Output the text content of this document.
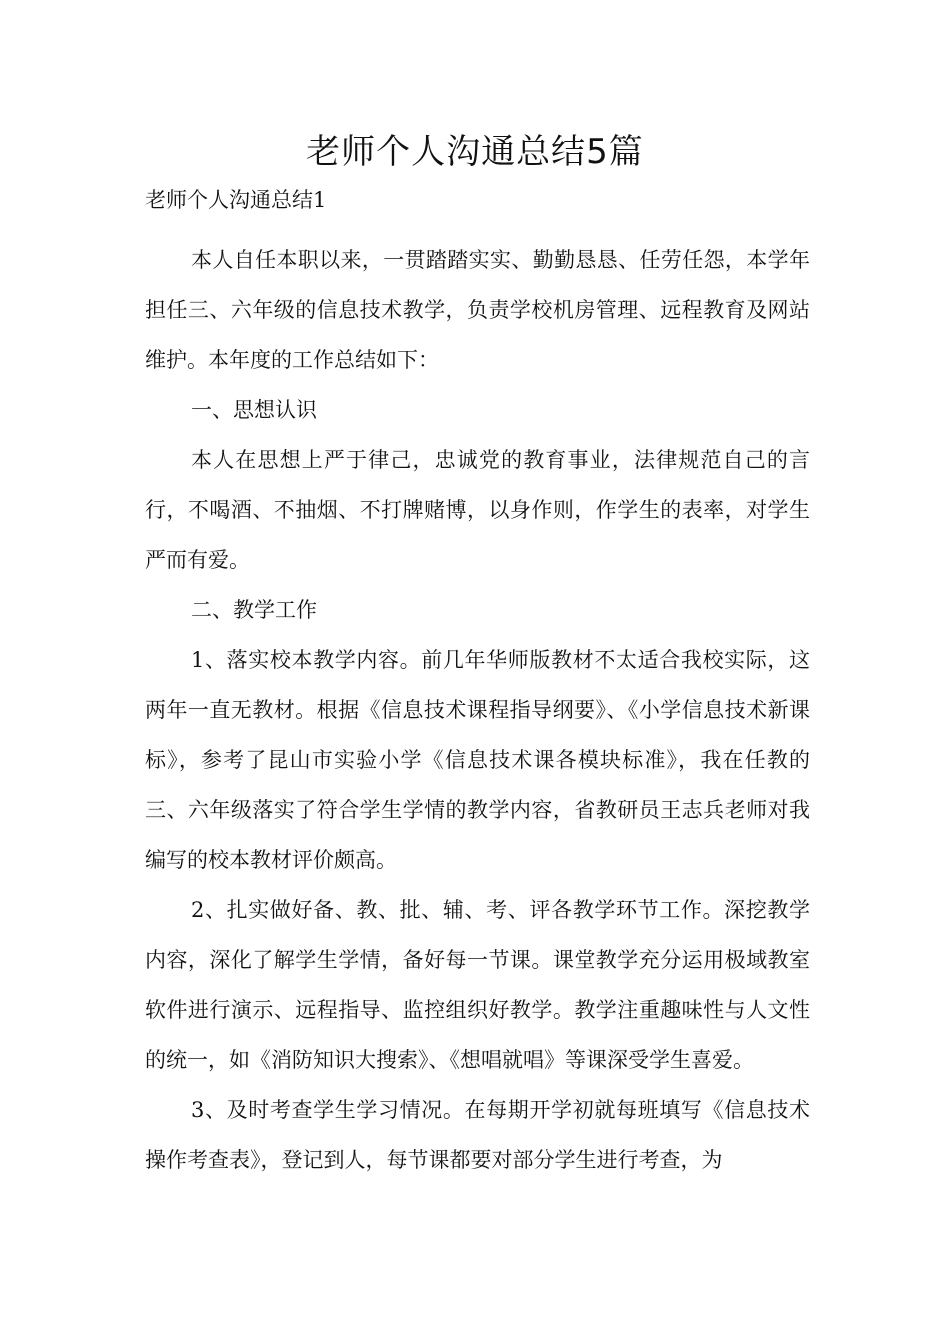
老师个人沟通总结5篇
老师个人沟通总结1

本人自任本职以来，一贯踏踏实实、勤勤恳恳、任劳任怨，本学年担任三、六年级的信息技术教学，负责学校机房管理、远程教育及网站维护。本年度的工作总结如下：

一、思想认识

本人在思想上严于律己，忠诚党的教育事业，法律规范自己的言行，不喝酒、不抽烟、不打牌赌博，以身作则，作学生的表率，对学生严而有爱。

二、教学工作

1、落实校本教学内容。前几年华师版教材不太适合我校实际，这两年一直无教材。根据《信息技术课程指导纲要》、《小学信息技术新课标》，参考了昆山市实验小学《信息技术课各模块标准》，我在任教的三、六年级落实了符合学生学情的教学内容，省教研员王志兵老师对我编写的校本教材评价颇高。

2、扎实做好备、教、批、辅、考、评各教学环节工作。深挖教学内容，深化了解学生学情，备好每一节课。课堂教学充分运用极域教室软件进行演示、远程指导、监控组织好教学。教学注重趣味性与人文性的统一，如《消防知识大搜索》、《想唱就唱》等课深受学生喜爱。

3、及时考查学生学习情况。在每期开学初就每班填写《信息技术操作考查表》，登记到人，每节课都要对部分学生进行考查，为
